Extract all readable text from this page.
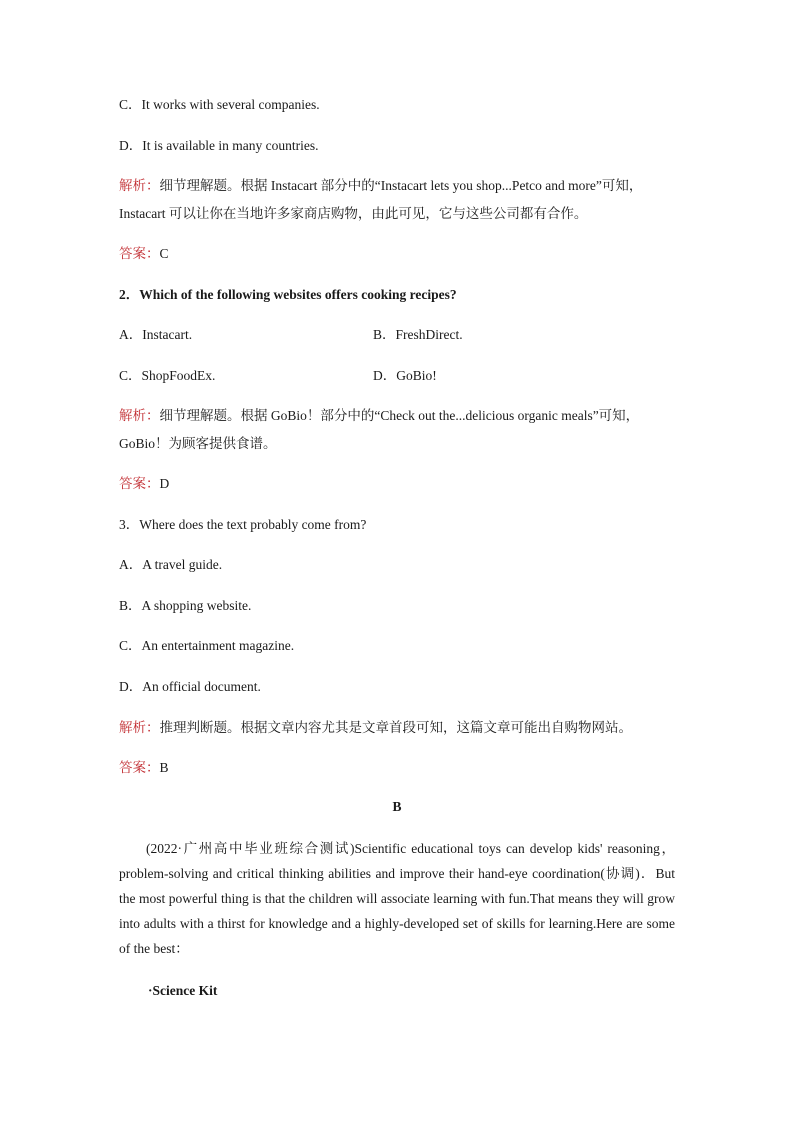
C．It works with several companies.
D．It is available in many countries.
解析：细节理解题。根据 Instacart 部分中的“Instacart lets you shop...Petco and more”可知，
Instacart 可以让你在当地许多家商店购物，由此可见，它与这些公司都有合作。
答案：C
2．Which of the following websites offers cooking recipes?
A．Instacart.	B．FreshDirect.
C．ShopFoodEx.	D．GoBio!
解析：细节理解题。根据 GoBio！部分中的“Check out the...delicious organic meals”可知，
GoBio！为顾客提供食谱。
答案：D
3．Where does the text probably come from?
A．A travel guide.
B．A shopping website.
C．An entertainment magazine.
D．An official document.
解析：推理判断题。根据文章内容尤其是文章首段可知，这篇文章可能出自购物网站。
答案：B
B
(2022·广州高中毕业班综合测试)Scientific educational toys can develop kids' reasoning，problem-solving and critical thinking abilities and improve their hand-eye coordination(协调)．But the most powerful thing is that the children will associate learning with fun.That means they will grow into adults with a thirst for knowledge and a highly-developed set of skills for learning.Here are some of the best：
·Science Kit
